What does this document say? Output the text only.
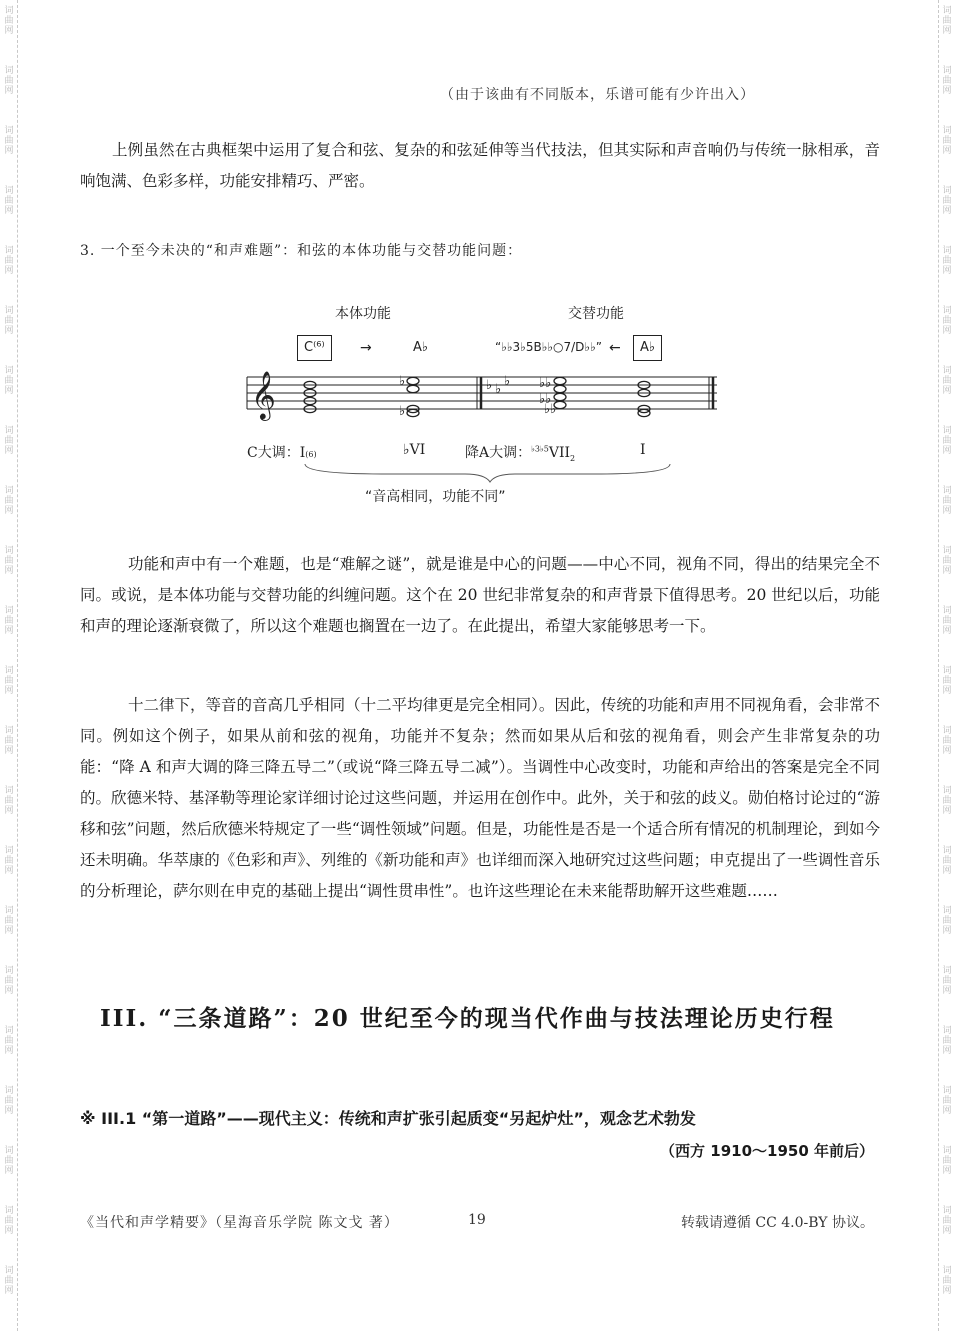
词
曲
网
词
曲
网
词
曲
网
词
曲
网
词
曲
网
词
曲
网
词
曲
网
词
曲
网
词
曲
网
词
曲
网
词
曲
网
词
曲
网
词
曲
网
词
曲
网
词
曲
网
词
曲
网
词
曲
网
词
曲
网
词
曲
网
词
曲
网
词
曲
网
词
曲
网
词
曲
网
词
曲
网
词
曲
网
词
曲
网
词
曲
网
词
曲
网
词
曲
网
词
曲
网
词
曲
网
词
曲
网
词
曲
网
词
曲
网
词
曲
网
词
曲
网
词
曲
网
词
曲
网
词
曲
网
词
曲
网
词
曲
网
词
曲
网
词
曲
网
词
曲
网
（由于该曲有不同版本，乐谱可能有少许出入）

上例虽然在古典框架中运用了复合和弦、复杂的和弦延伸等当代技法，但其实际和声音响仍与传统一脉相承，音响饱满、色彩多样，功能安排精巧、严密。

3. 一个至今未决的“和声难题”：和弦的本体功能与交替功能问题：
本体功能	交替功能
C⁽⁶⁾	→	A♭	“♭♭3♭5B♭♭○7/D♭♭” ←	A♭
𝄞	♭
♭
♭ ♭
♭ ♭♭
♭♭
♭♭
C大调：I(6)	♭VI	降A大调：$^{♭3♭5}VII_2$
I
“音高相同，功能不同”

功能和声中有一个难题，也是“难解之谜”，就是谁是中心的问题——中心不同，视角不同，得出的结果完全不同。或说，是本体功能与交替功能的纠缠问题。这个在 20 世纪非常复杂的和声背景下值得思考。20 世纪以后，功能和声的理论逐渐衰微了，所以这个难题也搁置在一边了。在此提出，希望大家能够思考一下。

十二律下，等音的音高几乎相同（十二平均律更是完全相同）。因此，传统的功能和声用不同视角看，会非常不同。例如这个例子，如果从前和弦的视角，功能并不复杂；然而如果从后和弦的视角看，则会产生非常复杂的功能：“降 A 和声大调的降三降五导二”（或说“降三降五导二减”）。当调性中心改变时，功能和声给出的答案是完全不同的。欣德米特、基泽勒等理论家详细讨论过这些问题，并运用在创作中。此外，关于和弦的歧义。勋伯格讨论过的“游移和弦”问题，然后欣德米特规定了一些“调性领域”问题。但是，功能性是否是一个适合所有情况的机制理论，到如今还未明确。华萃康的《色彩和声》、列维的《新功能和声》也详细而深入地研究过这些问题；申克提出了一些调性音乐的分析理论，萨尔则在申克的基础上提出“调性贯串性”。也许这些理论在未来能帮助解开这些难题……

III. “三条道路”：20 世纪至今的现当代作曲与技法理论历史行程
※ III.1 “第一道路”——现代主义：传统和声扩张引起质变“另起炉灶”，观念艺术勃发
（西方 1910～1950 年前后）
《当代和声学精要》（星海音乐学院 陈文戈 著）	19	转载请遵循 CC 4.0-BY 协议。
